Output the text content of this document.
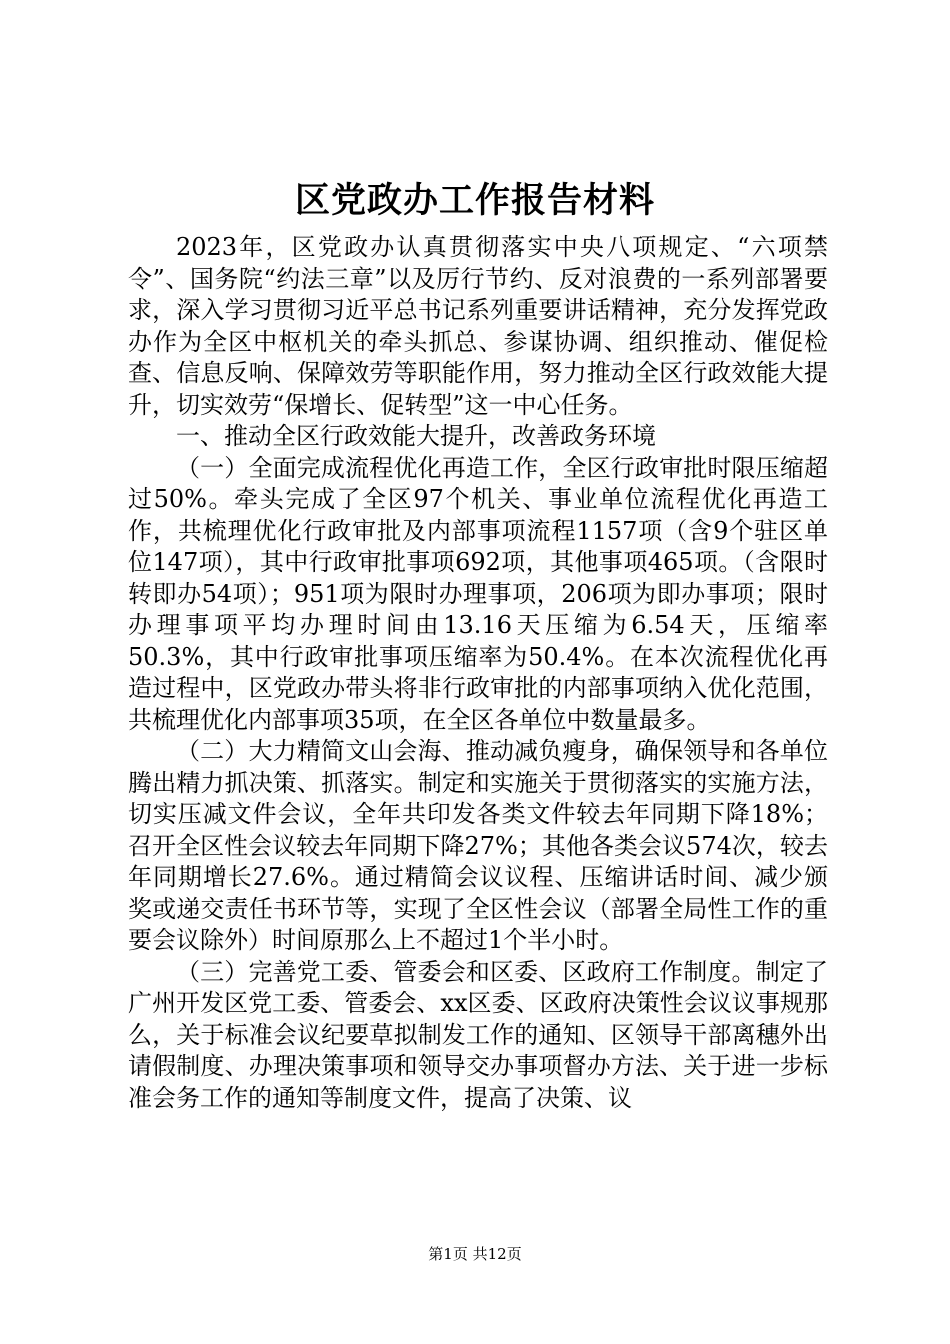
区党政办工作报告材料

2023年，区党政办认真贯彻落实中央八项规定、“六项禁令”、国务院“约法三章”以及厉行节约、反对浪费的一系列部署要求，深入学习贯彻习近平总书记系列重要讲话精神，充分发挥党政办作为全区中枢机关的牵头抓总、参谋协调、组织推动、催促检查、信息反响、保障效劳等职能作用，努力推动全区行政效能大提升，切实效劳“保增长、促转型”这一中心任务。

一、推动全区行政效能大提升，改善政务环境

（一）全面完成流程优化再造工作，全区行政审批时限压缩超过50%。牵头完成了全区97个机关、事业单位流程优化再造工作，共梳理优化行政审批及内部事项流程1157项（含9个驻区单位147项），其中行政审批事项692项，其他事项465项。（含限时转即办54项）；951项为限时办理事项，206项为即办事项；限时办理事项平均办理时间由13.16天压缩为6.54天，压缩率50.3%，其中行政审批事项压缩率为50.4%。在本次流程优化再造过程中，区党政办带头将非行政审批的内部事项纳入优化范围，共梳理优化内部事项35项，在全区各单位中数量最多。

（二）大力精简文山会海、推动减负瘦身，确保领导和各单位腾出精力抓决策、抓落实。制定和实施关于贯彻落实的实施方法，切实压减文件会议，全年共印发各类文件较去年同期下降18%；召开全区性会议较去年同期下降27%；其他各类会议574次，较去年同期增长27.6%。通过精简会议议程、压缩讲话时间、减少颁奖或递交责任书环节等，实现了全区性会议（部署全局性工作的重要会议除外）时间原那么上不超过1个半小时。

（三）完善党工委、管委会和区委、区政府工作制度。制定了广州开发区党工委、管委会、xx区委、区政府决策性会议议事规那么，关于标准会议纪要草拟制发工作的通知、区领导干部离穗外出请假制度、办理决策事项和领导交办事项督办方法、关于进一步标准会务工作的通知等制度文件，提高了决策、议

第1页 共12页
